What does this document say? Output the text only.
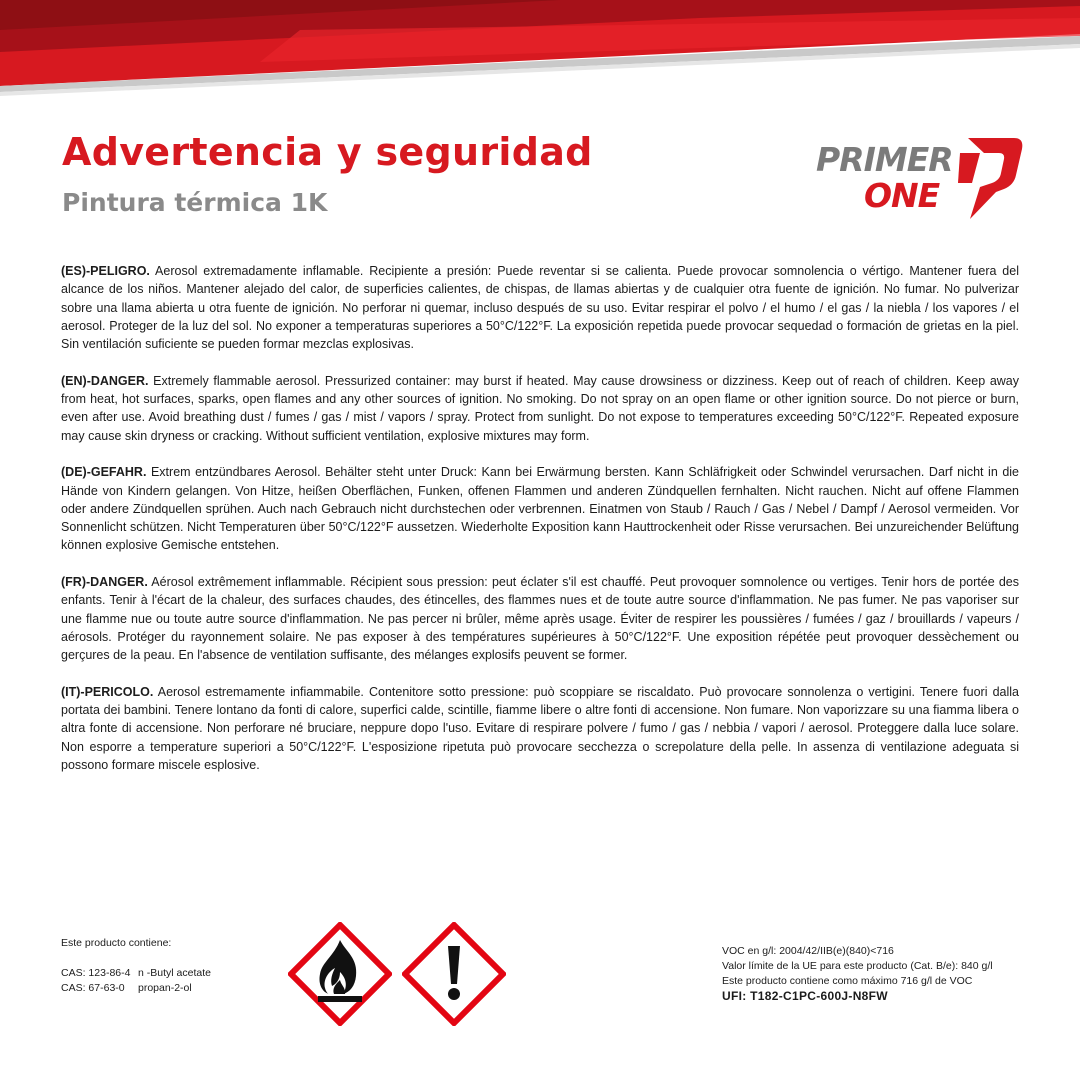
Advertencia y seguridad
Pintura térmica 1K
PRIMER
ONE

(ES)-PELIGRO. Aerosol extremadamente inflamable. Recipiente a presión: Puede reventar si se calienta. Puede provocar somnolencia o vértigo. Mantener fuera del alcance de los niños. Mantener alejado del calor, de superficies calientes, de chispas, de llamas abiertas y de cualquier otra fuente de ignición. No fumar. No pulverizar sobre una llama abierta u otra fuente de ignición. No perforar ni quemar, incluso después de su uso. Evitar respirar el polvo / el humo / el gas / la niebla / los vapores / el aerosol. Proteger de la luz del sol. No exponer a temperaturas superiores a 50°C/122°F. La exposición repetida puede provocar sequedad o formación de grietas en la piel. Sin ventilación suficiente se pueden formar mezclas explosivas.

(EN)-DANGER. Extremely flammable aerosol. Pressurized container: may burst if heated. May cause drowsiness or dizziness. Keep out of reach of children. Keep away from heat, hot surfaces, sparks, open flames and any other sources of ignition. No smoking. Do not spray on an open flame or other ignition source. Do not pierce or burn, even after use. Avoid breathing dust / fumes / gas / mist / vapors / spray. Protect from sunlight. Do not expose to temperatures exceeding 50°C/122°F. Repeated exposure may cause skin dryness or cracking. Without sufficient ventilation, explosive mixtures may form.

(DE)-GEFAHR. Extrem entzündbares Aerosol. Behälter steht unter Druck: Kann bei Erwärmung bersten. Kann Schläfrigkeit oder Schwindel verursachen. Darf nicht in die Hände von Kindern gelangen. Von Hitze, heißen Oberflächen, Funken, offenen Flammen und anderen Zündquellen fernhalten. Nicht rauchen. Nicht auf offene Flammen oder andere Zündquellen sprühen. Auch nach Gebrauch nicht durchstechen oder verbrennen. Einatmen von Staub / Rauch / Gas / Nebel / Dampf / Aerosol vermeiden. Vor Sonnenlicht schützen. Nicht Temperaturen über 50°C/122°F aussetzen. Wiederholte Exposition kann Hauttrockenheit oder Risse verursachen. Bei unzureichender Belüftung können explosive Gemische entstehen.

(FR)-DANGER. Aérosol extrêmement inflammable. Récipient sous pression: peut éclater s'il est chauffé. Peut provoquer somnolence ou vertiges. Tenir hors de portée des enfants. Tenir à l'écart de la chaleur, des surfaces chaudes, des étincelles, des flammes nues et de toute autre source d'inflammation. Ne pas fumer. Ne pas vaporiser sur une flamme nue ou toute autre source d'inflammation. Ne pas percer ni brûler, même après usage. Éviter de respirer les poussières / fumées / gaz / brouillards / vapeurs / aérosols. Protéger du rayonnement solaire. Ne pas exposer à des températures supérieures à 50°C/122°F. Une exposition répétée peut provoquer dessèchement ou gerçures de la peau. En l'absence de ventilation suffisante, des mélanges explosifs peuvent se former.

(IT)-PERICOLO. Aerosol estremamente infiammabile. Contenitore sotto pressione: può scoppiare se riscaldato. Può provocare sonnolenza o vertigini. Tenere fuori dalla portata dei bambini. Tenere lontano da fonti di calore, superfici calde, scintille, fiamme libere o altre fonti di accensione. Non fumare. Non vaporizzare su una fiamma libera o altra fonte di accensione. Non perforare né bruciare, neppure dopo l'uso. Evitare di respirare polvere / fumo / gas / nebbia / vapori / aerosol. Proteggere dalla luce solare. Non esporre a temperature superiori a 50°C/122°F. L'esposizione ripetuta può provocare secchezza o screpolature della pelle. In assenza di ventilazione adeguata si possono formare miscele esplosive.

Este producto contiene:
CAS: 123-86-4 n -Butyl acetate
CAS: 67-63-0 propan-2-ol
VOC en g/l: 2004/42/IIB(e)(840)<716
Valor límite de la UE para este producto (Cat. B/e): 840 g/l
Este producto contiene como máximo 716 g/l de VOC
UFI: T182-C1PC-600J-N8FW
